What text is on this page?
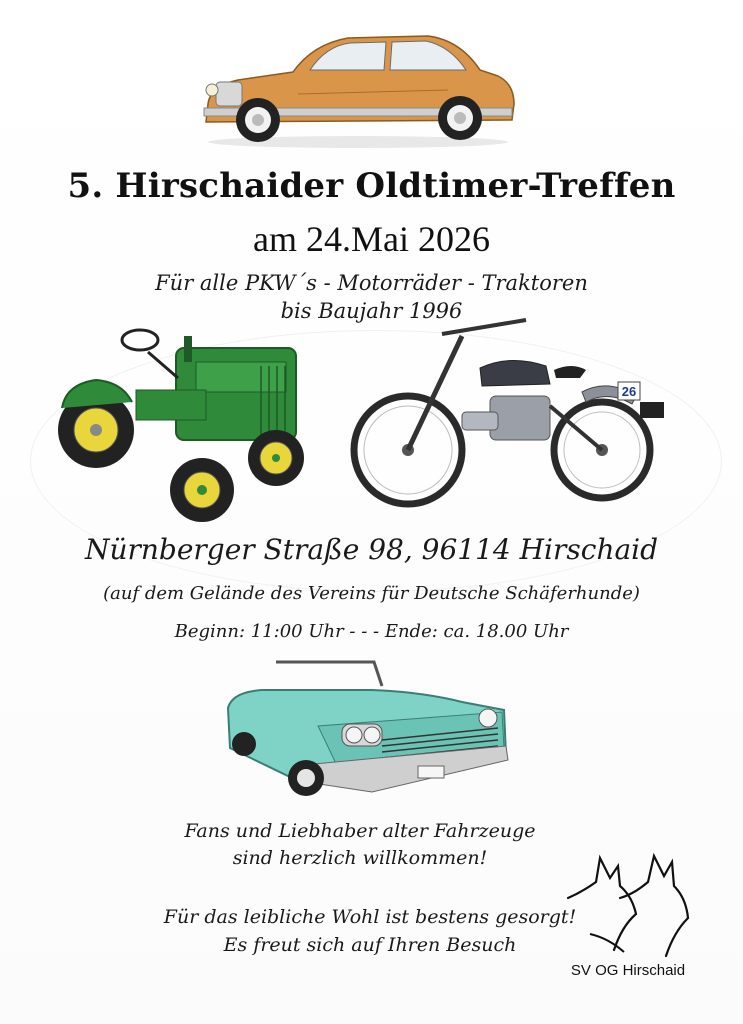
5. Hirschaider Oldtimer-Treffen
am 24.Mai 2026
Für alle PKW´s - Motorräder - Traktoren
bis Baujahr 1996
26
Nürnberger Straße 98, 96114 Hirschaid
(auf dem Gelände des Vereins für Deutsche Schäferhunde)
Beginn: 11:00 Uhr - - - Ende: ca. 18.00 Uhr
Fans und Liebhaber alter Fahrzeuge
sind herzlich willkommen!
Für das leibliche Wohl ist bestens gesorgt!
Es freut sich auf Ihren Besuch
SV OG Hirschaid
